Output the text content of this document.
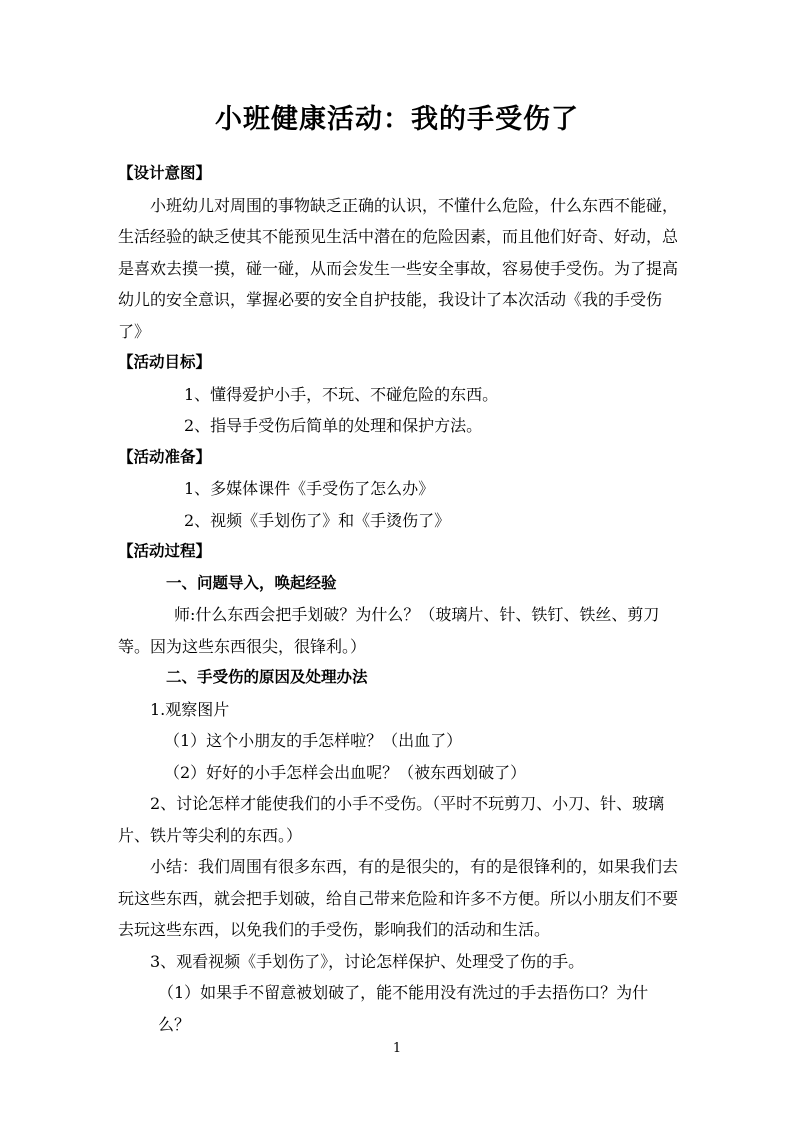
小班健康活动：我的手受伤了

【设计意图】

小班幼儿对周围的事物缺乏正确的认识，不懂什么危险，什么东西不能碰，生活经验的缺乏使其不能预见生活中潜在的危险因素，而且他们好奇、好动，总是喜欢去摸一摸，碰一碰，从而会发生一些安全事故，容易使手受伤。为了提高幼儿的安全意识，掌握必要的安全自护技能，我设计了本次活动《我的手受伤了》

【活动目标】

1、懂得爱护小手，不玩、不碰危险的东西。

2、指导手受伤后简单的处理和保护方法。

【活动准备】

1、多媒体课件《手受伤了怎么办》

2、视频《手划伤了》和《手烫伤了》

【活动过程】

一、问题导入，唤起经验

师:什么东西会把手划破？为什么？（玻璃片、针、铁钉、铁丝、剪刀等。因为这些东西很尖，很锋利。）

二、手受伤的原因及处理办法

1.观察图片

（1）这个小朋友的手怎样啦？（出血了）

（2）好好的小手怎样会出血呢？（被东西划破了）

2、讨论怎样才能使我们的小手不受伤。（平时不玩剪刀、小刀、针、玻璃片、铁片等尖利的东西。）

小结：我们周围有很多东西，有的是很尖的，有的是很锋利的，如果我们去玩这些东西，就会把手划破，给自己带来危险和许多不方便。所以小朋友们不要去玩这些东西，以免我们的手受伤，影响我们的活动和生活。

3、观看视频《手划伤了》，讨论怎样保护、处理受了伤的手。

（1）如果手不留意被划破了，能不能用没有洗过的手去捂伤口？为什么？

1
